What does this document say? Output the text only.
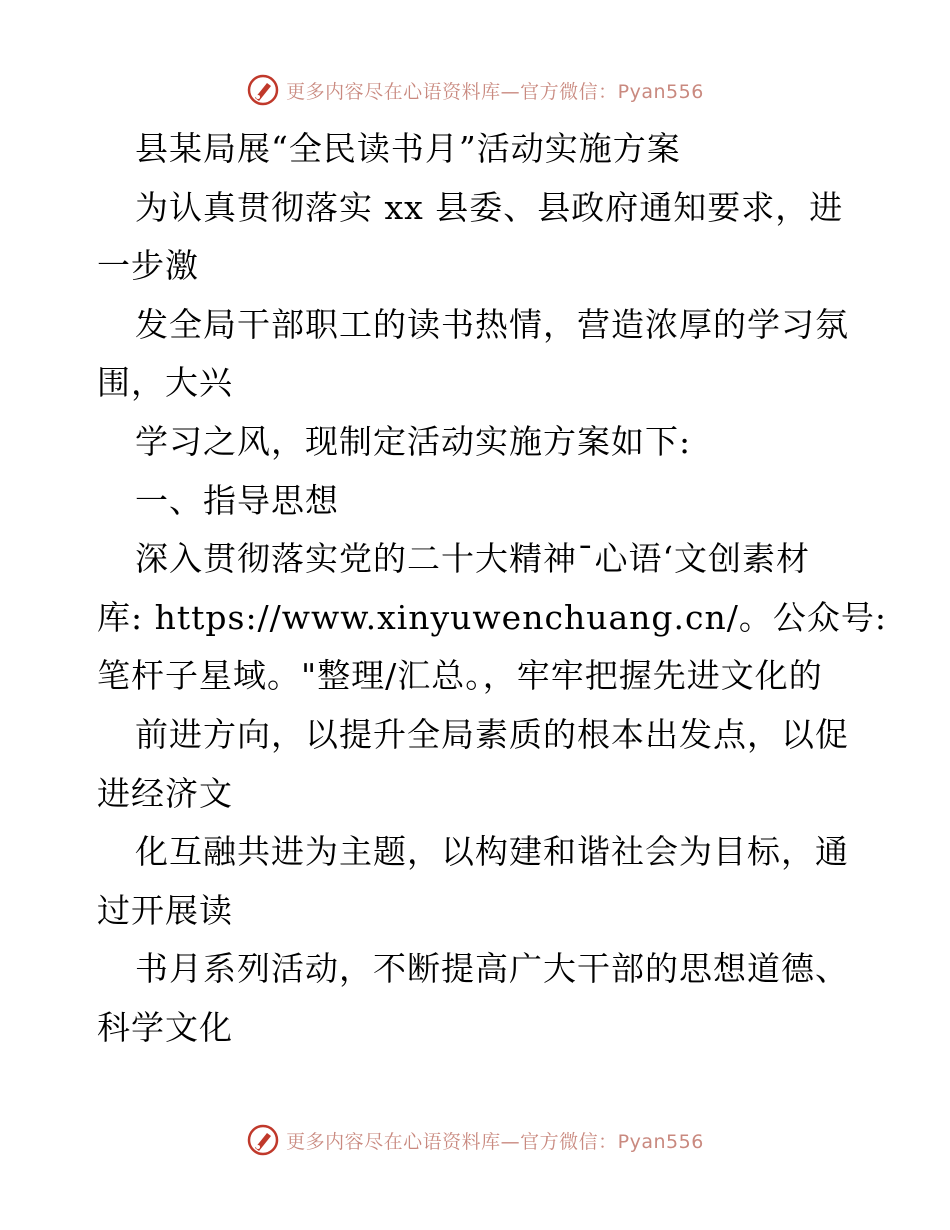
更多内容尽在心语资料库—官方微信：Pyan556
县某局展“全民读书月”活动实施方案
为认真贯彻落实 xx 县委、县政府通知要求，进
一步激
发全局干部职工的读书热情，营造浓厚的学习氛
围，大兴
学习之风，现制定活动实施方案如下:
一、指导思想
深入贯彻落实党的二十大精神¯心语‘文创素材
库: https://www.xinyuwenchuang.cn/。公众号:
笔杆子星域。"整理/汇总。，牢牢把握先进文化的
前进方向，以提升全局素质的根本出发点，以促
进经济文
化互融共进为主题，以构建和谐社会为目标，通
过开展读
书月系列活动，不断提高广大干部的思想道德、
科学文化
更多内容尽在心语资料库—官方微信：Pyan556
